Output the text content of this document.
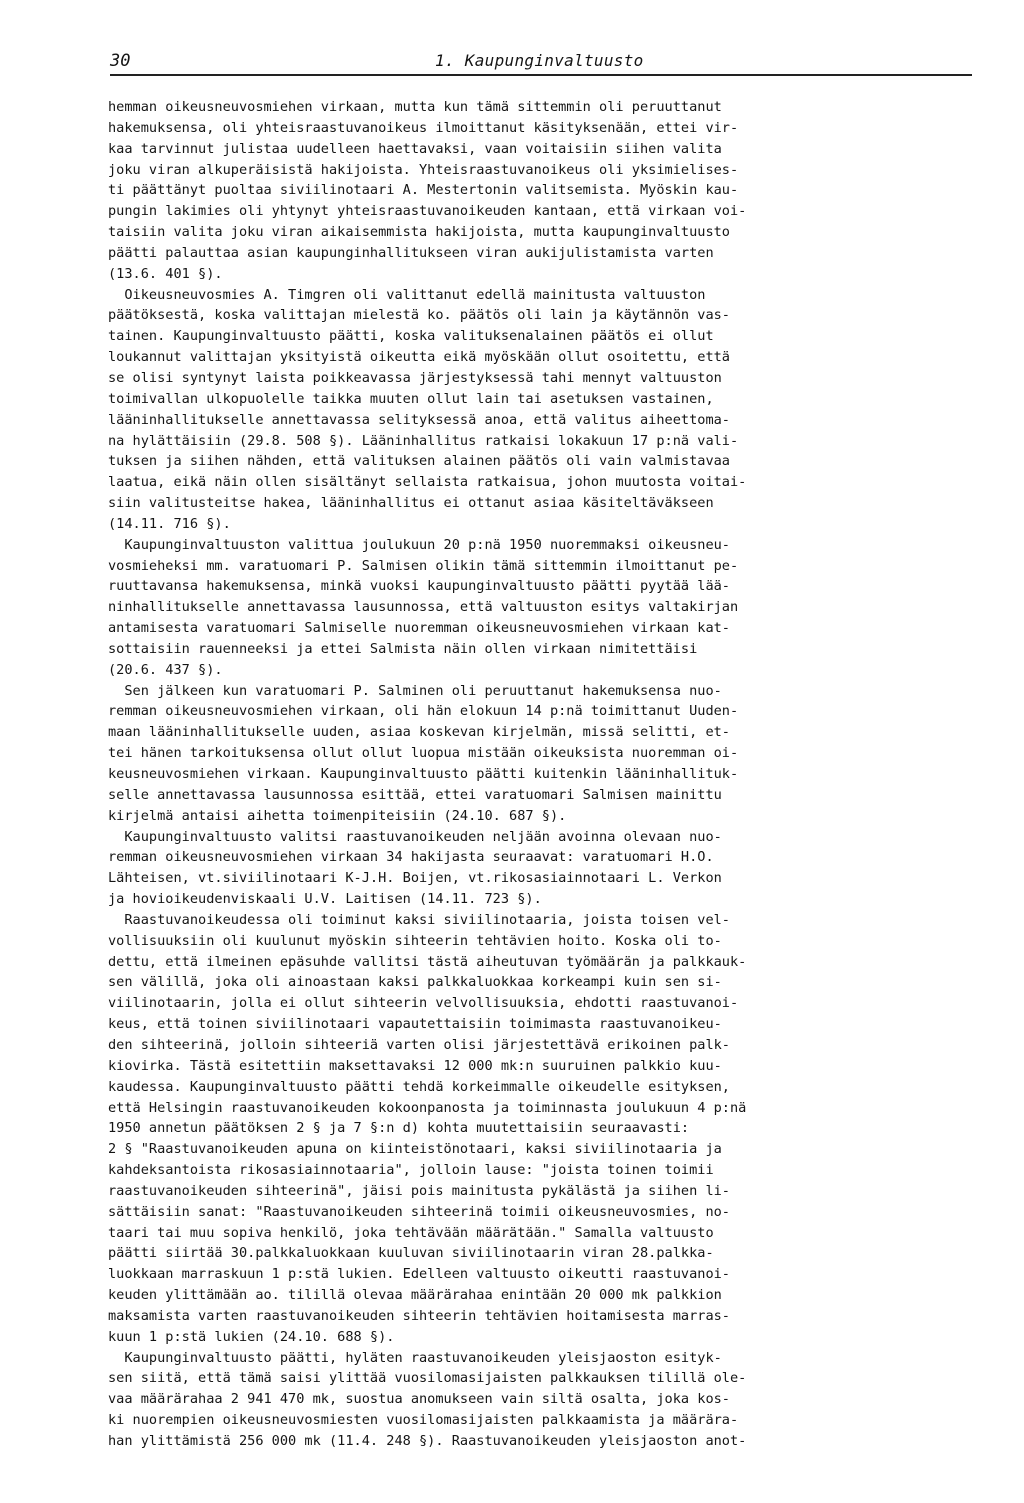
30	1. Kaupunginvaltuusto
hemman oikeusneuvosmiehen virkaan, mutta kun tämä sittemmin oli peruuttanut
hakemuksensa, oli yhteisraastuvanoikeus ilmoittanut käsityksenään, ettei vir-
kaa tarvinnut julistaa uudelleen haettavaksi, vaan voitaisiin siihen valita
joku viran alkuperäisistä hakijoista. Yhteisraastuvanoikeus oli yksimielises-
ti päättänyt puoltaa siviilinotaari A. Mestertonin valitsemista. Myöskin kau-
pungin lakimies oli yhtynyt yhteisraastuvanoikeuden kantaan, että virkaan voi-
taisiin valita joku viran aikaisemmista hakijoista, mutta kaupunginvaltuusto
päätti palauttaa asian kaupunginhallitukseen viran aukijulistamista varten
(13.6. 401 §).
Oikeusneuvosmies A. Timgren oli valittanut edellä mainitusta valtuuston
päätöksestä, koska valittajan mielestä ko. päätös oli lain ja käytännön vas-
tainen. Kaupunginvaltuusto päätti, koska valituksenalainen päätös ei ollut
loukannut valittajan yksityistä oikeutta eikä myöskään ollut osoitettu, että
se olisi syntynyt laista poikkeavassa järjestyksessä tahi mennyt valtuuston
toimivallan ulkopuolelle taikka muuten ollut lain tai asetuksen vastainen,
lääninhallitukselle annettavassa selityksessä anoa, että valitus aiheettoma-
na hylättäisiin (29.8. 508 §). Lääninhallitus ratkaisi lokakuun 17 p:nä vali-
tuksen ja siihen nähden, että valituksen alainen päätös oli vain valmistavaa
laatua, eikä näin ollen sisältänyt sellaista ratkaisua, johon muutosta voitai-
siin valitusteitse hakea, lääninhallitus ei ottanut asiaa käsiteltäväkseen
(14.11. 716 §).
Kaupunginvaltuuston valittua joulukuun 20 p:nä 1950 nuoremmaksi oikeusneu-
vosmieheksi mm. varatuomari P. Salmisen olikin tämä sittemmin ilmoittanut pe-
ruuttavansa hakemuksensa, minkä vuoksi kaupunginvaltuusto päätti pyytää lää-
ninhallitukselle annettavassa lausunnossa, että valtuuston esitys valtakirjan
antamisesta varatuomari Salmiselle nuoremman oikeusneuvosmiehen virkaan kat-
sottaisiin rauenneeksi ja ettei Salmista näin ollen virkaan nimitettäisi
(20.6. 437 §).
Sen jälkeen kun varatuomari P. Salminen oli peruuttanut hakemuksensa nuo-
remman oikeusneuvosmiehen virkaan, oli hän elokuun 14 p:nä toimittanut Uuden-
maan lääninhallitukselle uuden, asiaa koskevan kirjelmän, missä selitti, et-
tei hänen tarkoituksensa ollut ollut luopua mistään oikeuksista nuoremman oi-
keusneuvosmiehen virkaan. Kaupunginvaltuusto päätti kuitenkin lääninhallituk-
selle annettavassa lausunnossa esittää, ettei varatuomari Salmisen mainittu
kirjelmä antaisi aihetta toimenpiteisiin (24.10. 687 §).
Kaupunginvaltuusto valitsi raastuvanoikeuden neljään avoinna olevaan nuo-
remman oikeusneuvosmiehen virkaan 34 hakijasta seuraavat: varatuomari H.O.
Lähteisen, vt.siviilinotaari K-J.H. Boijen, vt.rikosasiainnotaari L. Verkon
ja hovioikeudenviskaali U.V. Laitisen (14.11. 723 §).
Raastuvanoikeudessa oli toiminut kaksi siviilinotaaria, joista toisen vel-
vollisuuksiin oli kuulunut myöskin sihteerin tehtävien hoito. Koska oli to-
dettu, että ilmeinen epäsuhde vallitsi tästä aiheutuvan työmäärän ja palkkauk-
sen välillä, joka oli ainoastaan kaksi palkkaluokkaa korkeampi kuin sen si-
viilinotaarin, jolla ei ollut sihteerin velvollisuuksia, ehdotti raastuvanoi-
keus, että toinen siviilinotaari vapautettaisiin toimimasta raastuvanoikeu-
den sihteerinä, jolloin sihteeriä varten olisi järjestettävä erikoinen palk-
kiovirka. Tästä esitettiin maksettavaksi 12 000 mk:n suuruinen palkkio kuu-
kaudessa. Kaupunginvaltuusto päätti tehdä korkeimmalle oikeudelle esityksen,
että Helsingin raastuvanoikeuden kokoonpanosta ja toiminnasta joulukuun 4 p:nä
1950 annetun päätöksen 2 § ja 7 §:n d) kohta muutettaisiin seuraavasti:
2 § "Raastuvanoikeuden apuna on kiinteistönotaari, kaksi siviilinotaaria ja
kahdeksantoista rikosasiainnotaaria", jolloin lause: "joista toinen toimii
raastuvanoikeuden sihteerinä", jäisi pois mainitusta pykälästä ja siihen li-
sättäisiin sanat: "Raastuvanoikeuden sihteerinä toimii oikeusneuvosmies, no-
taari tai muu sopiva henkilö, joka tehtävään määrätään." Samalla valtuusto
päätti siirtää 30.palkkaluokkaan kuuluvan siviilinotaarin viran 28.palkka-
luokkaan marraskuun 1 p:stä lukien. Edelleen valtuusto oikeutti raastuvanoi-
keuden ylittämään ao. tilillä olevaa määrärahaa enintään 20 000 mk palkkion
maksamista varten raastuvanoikeuden sihteerin tehtävien hoitamisesta marras-
kuun 1 p:stä lukien (24.10. 688 §).
Kaupunginvaltuusto päätti, hyläten raastuvanoikeuden yleisjaoston esityk-
sen siitä, että tämä saisi ylittää vuosilomasijaisten palkkauksen tilillä ole-
vaa määrärahaa 2 941 470 mk, suostua anomukseen vain siltä osalta, joka kos-
ki nuorempien oikeusneuvosmiesten vuosilomasijaisten palkkaamista ja määrära-
han ylittämistä 256 000 mk (11.4. 248 §). Raastuvanoikeuden yleisjaoston anot-
